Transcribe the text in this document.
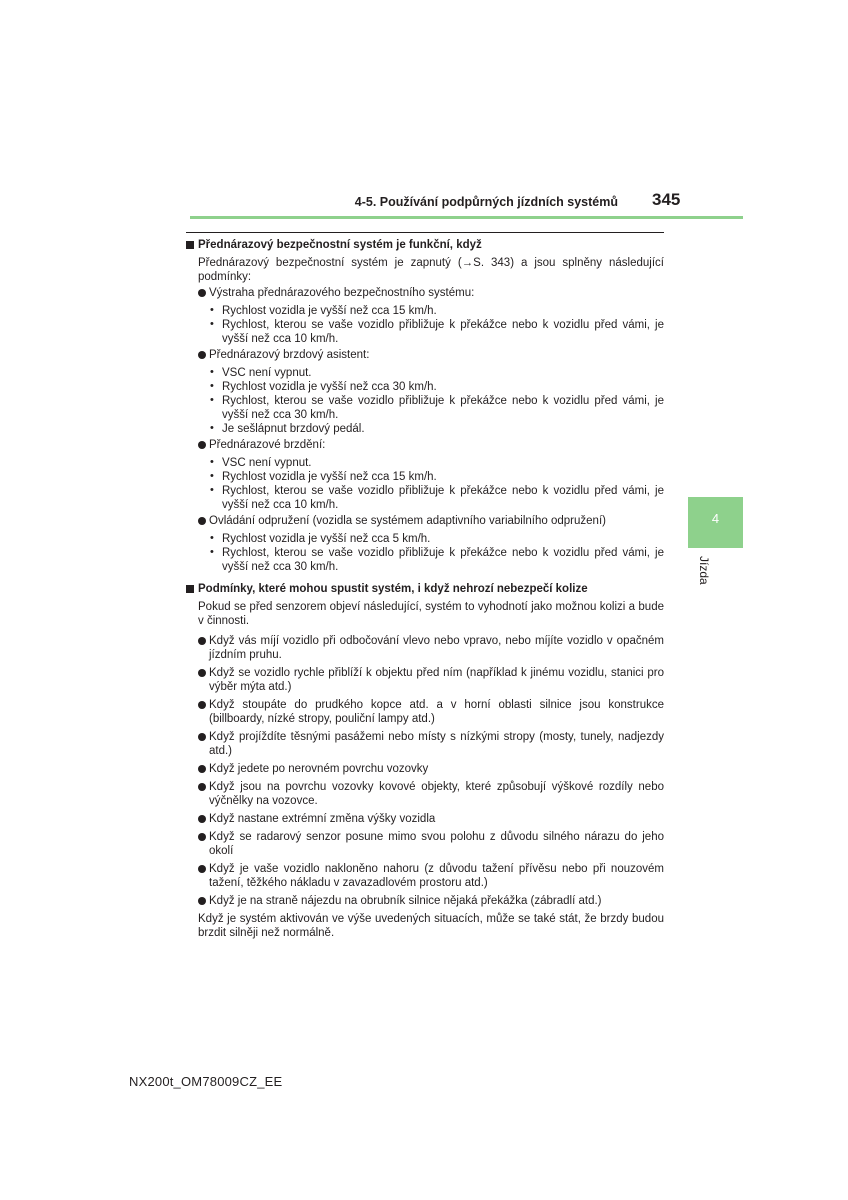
4-5. Používání podpůrných jízdních systémů 345
4
Jízda
Přednárazový bezpečnostní systém je funkční, když
Přednárazový bezpečnostní systém je zapnutý (→S. 343) a jsou splněny následující podmínky:
Výstraha přednárazového bezpečnostního systému:
• Rychlost vozidla je vyšší než cca 15 km/h.
• Rychlost, kterou se vaše vozidlo přibližuje k překážce nebo k vozidlu před vámi, je vyšší než cca 10 km/h.
Přednárazový brzdový asistent:
• VSC není vypnut.
• Rychlost vozidla je vyšší než cca 30 km/h.
• Rychlost, kterou se vaše vozidlo přibližuje k překážce nebo k vozidlu před vámi, je vyšší než cca 30 km/h.
• Je sešlápnut brzdový pedál.
Přednárazové brzdění:
• VSC není vypnut.
• Rychlost vozidla je vyšší než cca 15 km/h.
• Rychlost, kterou se vaše vozidlo přibližuje k překážce nebo k vozidlu před vámi, je vyšší než cca 10 km/h.
Ovládání odpružení (vozidla se systémem adaptivního variabilního odpružení)
• Rychlost vozidla je vyšší než cca 5 km/h.
• Rychlost, kterou se vaše vozidlo přibližuje k překážce nebo k vozidlu před vámi, je vyšší než cca 30 km/h.
Podmínky, které mohou spustit systém, i když nehrozí nebezpečí kolize
Pokud se před senzorem objeví následující, systém to vyhodnotí jako možnou kolizi a bude v činnosti.
Když vás míjí vozidlo při odbočování vlevo nebo vpravo, nebo míjíte vozidlo v opačném jízdním pruhu.
Když se vozidlo rychle přiblíží k objektu před ním (například k jinému vozidlu, stanici pro výběr mýta atd.)
Když stoupáte do prudkého kopce atd. a v horní oblasti silnice jsou konstrukce (billboardy, nízké stropy, pouliční lampy atd.)
Když projíždíte těsnými pasážemi nebo místy s nízkými stropy (mosty, tunely, nadjezdy atd.)
Když jedete po nerovném povrchu vozovky
Když jsou na povrchu vozovky kovové objekty, které způsobují výškové rozdíly nebo výčnělky na vozovce.
Když nastane extrémní změna výšky vozidla
Když se radarový senzor posune mimo svou polohu z důvodu silného nárazu do jeho okolí
Když je vaše vozidlo nakloněno nahoru (z důvodu tažení přívěsu nebo při nouzovém tažení, těžkého nákladu v zavazadlovém prostoru atd.)
Když je na straně nájezdu na obrubník silnice nějaká překážka (zábradlí atd.)
Když je systém aktivován ve výše uvedených situacích, může se také stát, že brzdy budou brzdit silněji než normálně.
NX200t_OM78009CZ_EE
